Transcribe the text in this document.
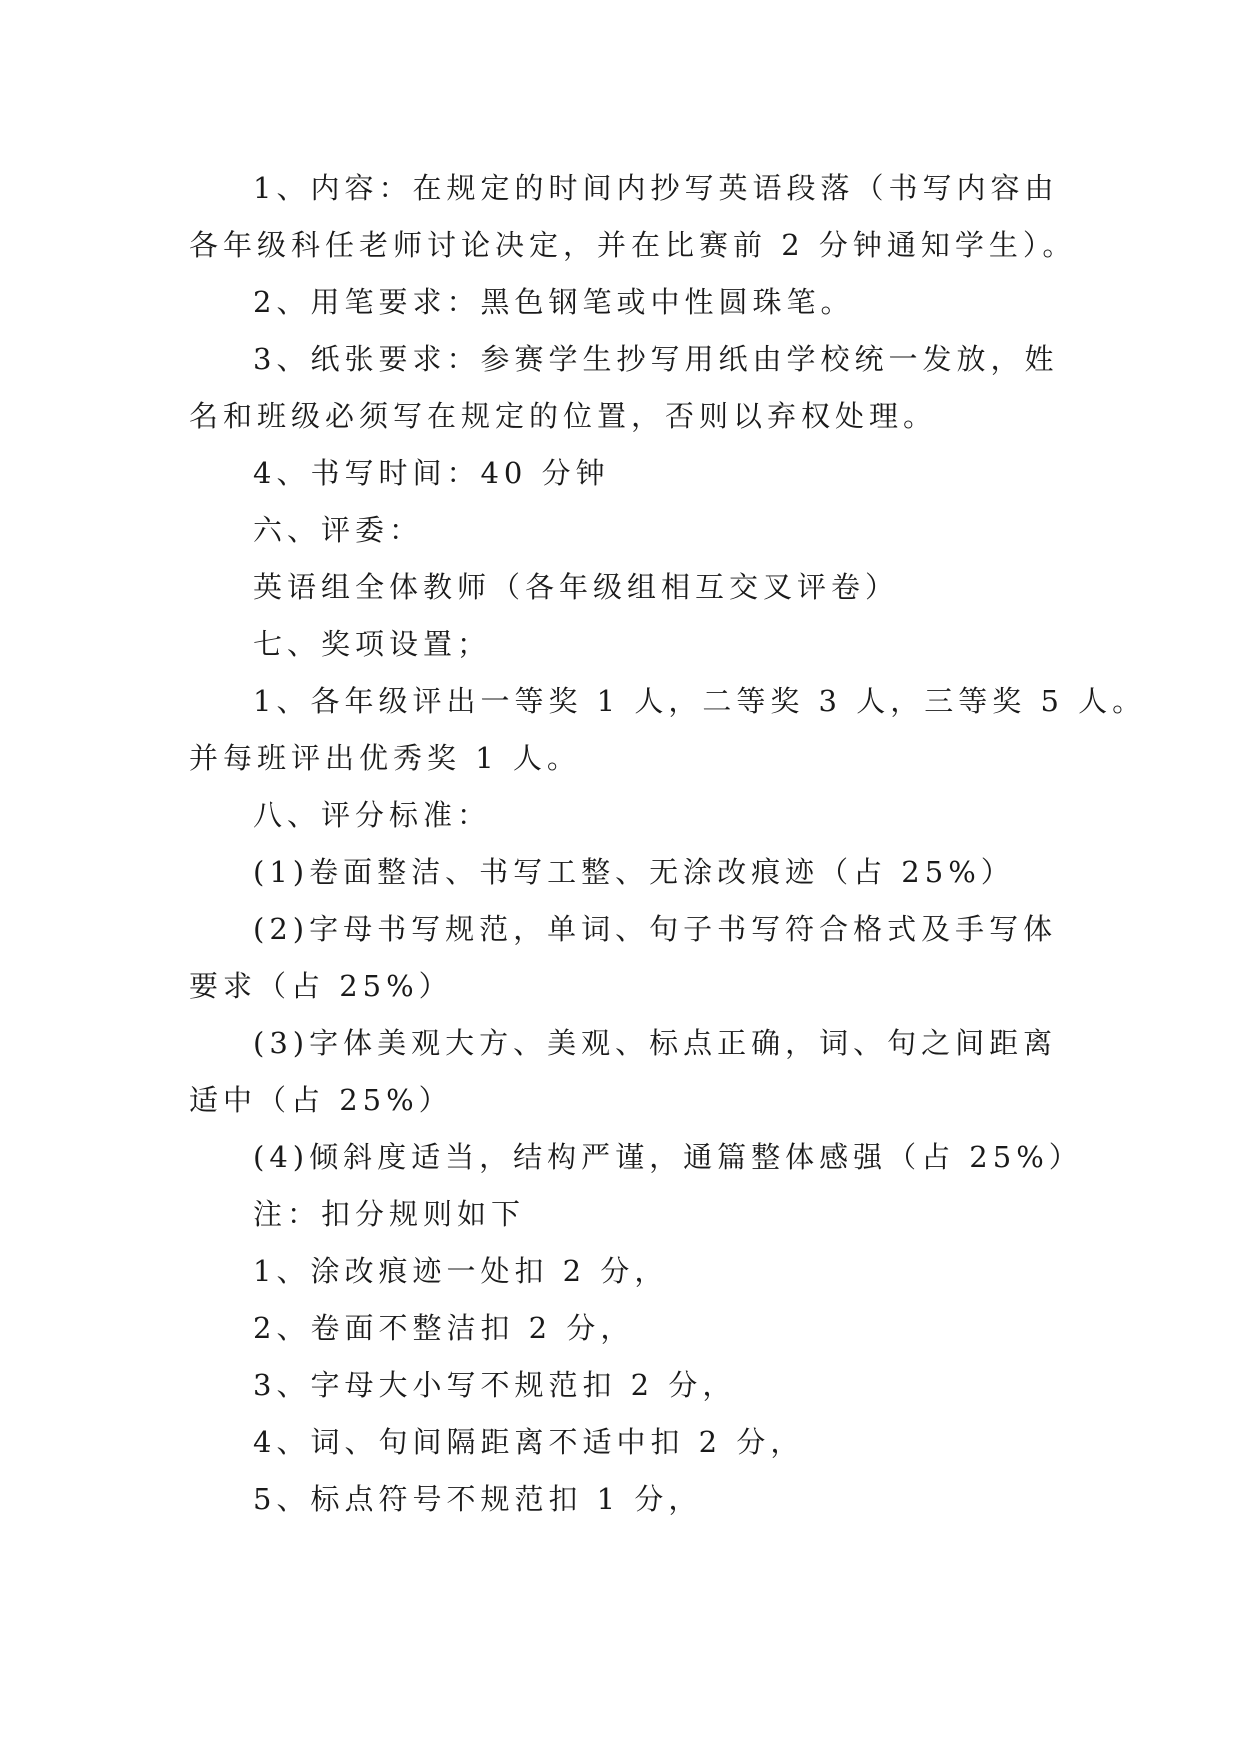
1、内容：在规定的时间内抄写英语段落（书写内容由
各年级科任老师讨论决定，并在比赛前 2 分钟通知学生）。

2、用笔要求：黑色钢笔或中性圆珠笔。

3、纸张要求：参赛学生抄写用纸由学校统一发放，姓
名和班级必须写在规定的位置，否则以弃权处理。

4、书写时间：40 分钟

六、评委：

英语组全体教师（各年级组相互交叉评卷）

七、奖项设置；

1、各年级评出一等奖 1 人，二等奖 3 人，三等奖 5 人。
并每班评出优秀奖 1 人。

八、评分标准：

(1)卷面整洁、书写工整、无涂改痕迹（占 25%）

(2)字母书写规范，单词、句子书写符合格式及手写体
要求（占 25%）

(3)字体美观大方、美观、标点正确，词、句之间距离
适中（占 25%）

(4)倾斜度适当，结构严谨，通篇整体感强（占 25%）

注：扣分规则如下

1、涂改痕迹一处扣 2 分，

2、卷面不整洁扣 2 分，

3、字母大小写不规范扣 2 分，

4、词、句间隔距离不适中扣 2 分，

5、标点符号不规范扣 1 分，
